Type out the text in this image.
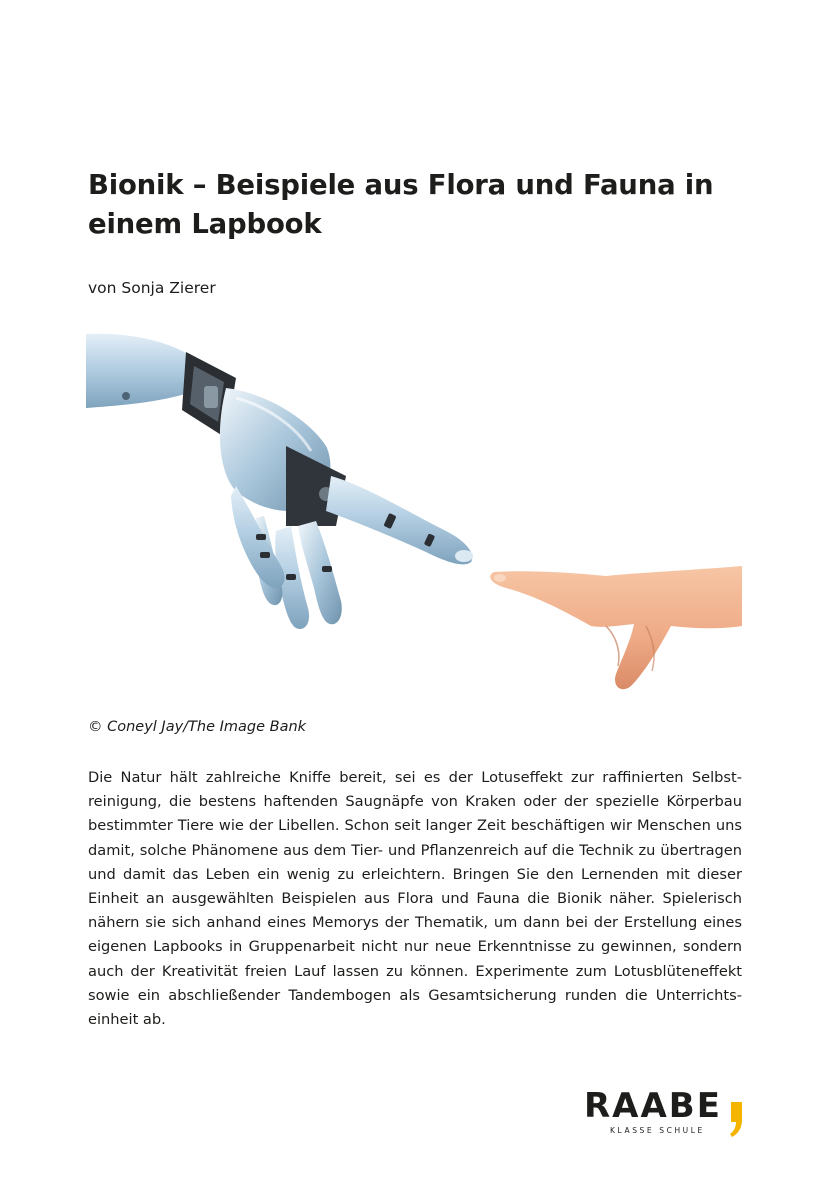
Bionik – Beispiele aus Flora und Fauna in einem Lapbook
von Sonja Zierer
© Coneyl Jay/The Image Bank

Die Natur hält zahlreiche Kniffe bereit, sei es der Lotuseffekt zur raffinierten Selbstreinigung, die bestens haftenden Saugnäpfe von Kraken oder der spezielle Körperbau bestimmter Tiere wie der Libellen. Schon seit langer Zeit beschäftigen wir Menschen uns damit, solche Phänomene aus dem Tier- und Pflanzenreich auf die Technik zu übertragen und damit das Leben ein wenig zu erleichtern. Bringen Sie den Lernenden mit dieser Einheit an ausgewählten Beispielen aus Flora und Fauna die Bionik näher. Spielerisch nähern sie sich anhand eines Memorys der Thematik, um dann bei der Erstellung eines eigenen Lapbooks in Gruppenarbeit nicht nur neue Erkenntnisse zu gewinnen, sondern auch der Kreativität freien Lauf lassen zu können. Experimente zum Lotusblüteneffekt sowie ein abschließender Tandembogen als Gesamtsicherung runden die Unterrichtseinheit ab.

RAABE
KLASSE SCHULE
